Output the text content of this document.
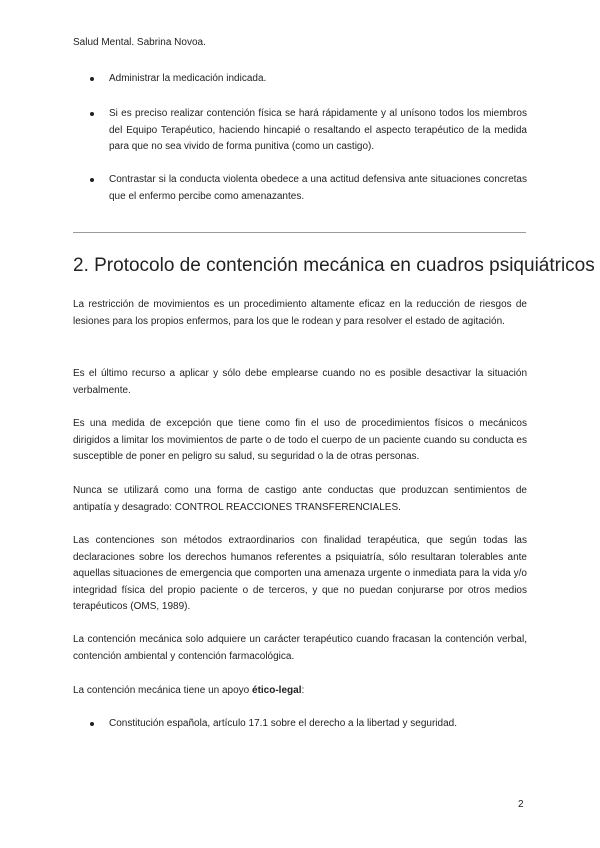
Salud Mental. Sabrina Novoa.
Administrar la medicación indicada.
Si es preciso realizar contención física se hará rápidamente y al unísono todos los miembros del Equipo Terapéutico, haciendo hincapié o resaltando el aspecto terapéutico de la medida para que no sea vivido de forma punitiva (como un castigo).
Contrastar si la conducta violenta obedece a una actitud defensiva ante situaciones concretas que el enfermo percibe como amenazantes.
2. Protocolo de contención mecánica en cuadros psiquiátricos

La restricción de movimientos es un procedimiento altamente eficaz en la reducción de riesgos de lesiones para los propios enfermos, para los que le rodean y para resolver el estado de agitación.

Es el último recurso a aplicar y sólo debe emplearse cuando no es posible desactivar la situación verbalmente.

Es una medida de excepción que tiene como fin el uso de procedimientos físicos o mecánicos dirigidos a limitar los movimientos de parte o de todo el cuerpo de un paciente cuando su conducta es susceptible de poner en peligro su salud, su seguridad o la de otras personas.

Nunca se utilizará como una forma de castigo ante conductas que produzcan sentimientos de antipatía y desagrado: CONTROL REACCIONES TRANSFERENCIALES.

Las contenciones son métodos extraordinarios con finalidad terapéutica, que según todas las declaraciones sobre los derechos humanos referentes a psiquiatría, sólo resultaran tolerables ante aquellas situaciones de emergencia que comporten una amenaza urgente o inmediata para la vida y/o integridad física del propio paciente o de terceros, y que no puedan conjurarse por otros medios terapéuticos (OMS, 1989).

La contención mecánica solo adquiere un carácter terapéutico cuando fracasan la contención verbal, contención ambiental y contención farmacológica.

La contención mecánica tiene un apoyo ético-legal:

Constitución española, artículo 17.1 sobre el derecho a la libertad y seguridad.
2
